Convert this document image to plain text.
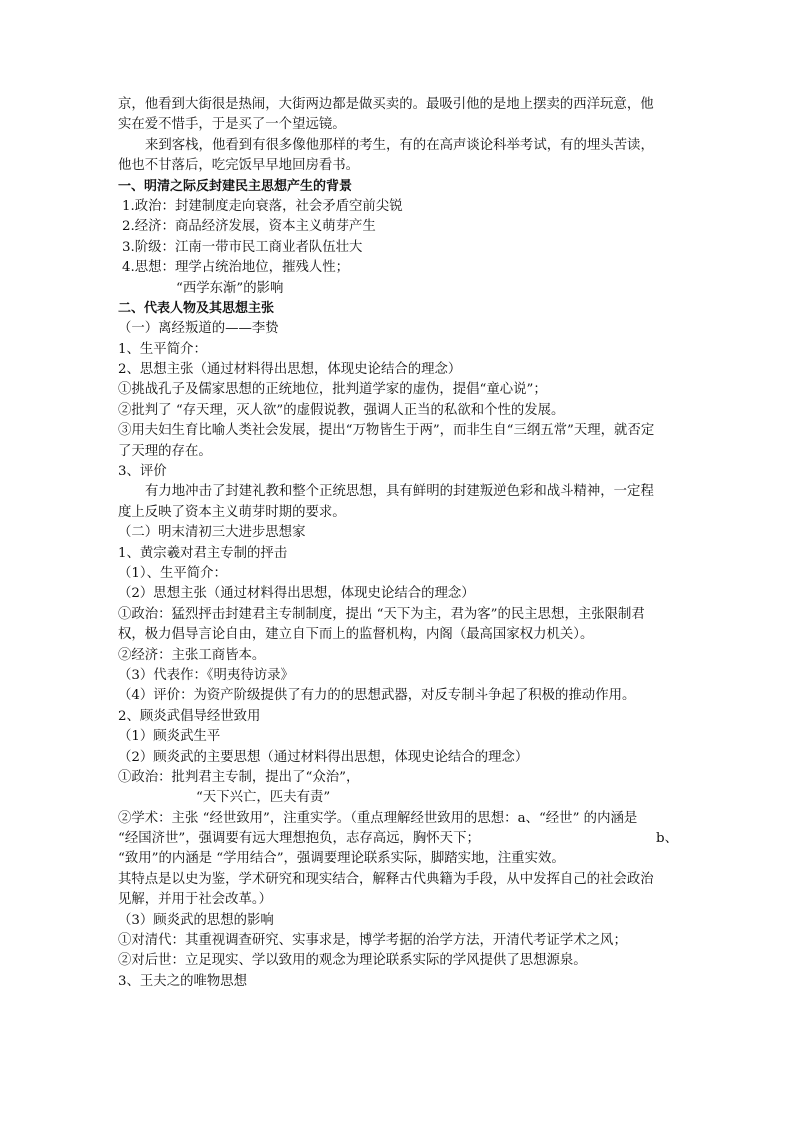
京，他看到大街很是热闹，大街两边都是做买卖的。最吸引他的是地上摆卖的西洋玩意，他
实在爱不惜手，于是买了一个望远镜。
来到客栈，他看到有很多像他那样的考生，有的在高声谈论科举考试，有的埋头苦读，
他也不甘落后，吃完饭早早地回房看书。
一、明清之际反封建民主思想产生的背景
1.政治：封建制度走向衰落，社会矛盾空前尖锐
2.经济：商品经济发展，资本主义萌芽产生
3.阶级：江南一带市民工商业者队伍壮大
4.思想：理学占统治地位，摧残人性；
“西学东渐”的影响
二、代表人物及其思想主张
（一）离经叛道的——李贽
1、生平简介：
2、思想主张（通过材料得出思想，体现史论结合的理念）
①挑战孔子及儒家思想的正统地位，批判道学家的虚伪，提倡“童心说”；
②批判了 “存天理，灭人欲”的虚假说教，强调人正当的私欲和个性的发展。
③用夫妇生育比喻人类社会发展，提出“万物皆生于两”，而非生自“三纲五常”天理，就否定
了天理的存在。
3、评价
有力地冲击了封建礼教和整个正统思想，具有鲜明的封建叛逆色彩和战斗精神，一定程
度上反映了资本主义萌芽时期的要求。
（二）明末清初三大进步思想家
1、黄宗羲对君主专制的抨击
（1）、生平简介：
（2）思想主张（通过材料得出思想，体现史论结合的理念）
①政治：猛烈抨击封建君主专制制度，提出 “天下为主，君为客”的民主思想，主张限制君
权，极力倡导言论自由，建立自下而上的监督机构，内阁（最高国家权力机关）。
②经济：主张工商皆本。
（3）代表作：《明夷待访录》
（4）评价：为资产阶级提供了有力的的思想武器，对反专制斗争起了积极的推动作用。
2、顾炎武倡导经世致用
（1）顾炎武生平
（2）顾炎武的主要思想（通过材料得出思想，体现史论结合的理念）
①政治：批判君主专制，提出了“众治”，
“天下兴亡，匹夫有责”
②学术：主张 “经世致用”，注重实学。（重点理解经世致用的思想：a、“经世” 的内涵是
“经国济世”，强调要有远大理想抱负，志存高远，胸怀天下；	b、
“致用”的内涵是 “学用结合”，强调要理论联系实际，脚踏实地，注重实效。
其特点是以史为鉴，学术研究和现实结合，解释古代典籍为手段，从中发挥自己的社会政治
见解，并用于社会改革。）
（3）顾炎武的思想的影响
①对清代：其重视调查研究、实事求是，博学考据的治学方法，开清代考证学术之风；
②对后世：立足现实、学以致用的观念为理论联系实际的学风提供了思想源泉。
3、王夫之的唯物思想
